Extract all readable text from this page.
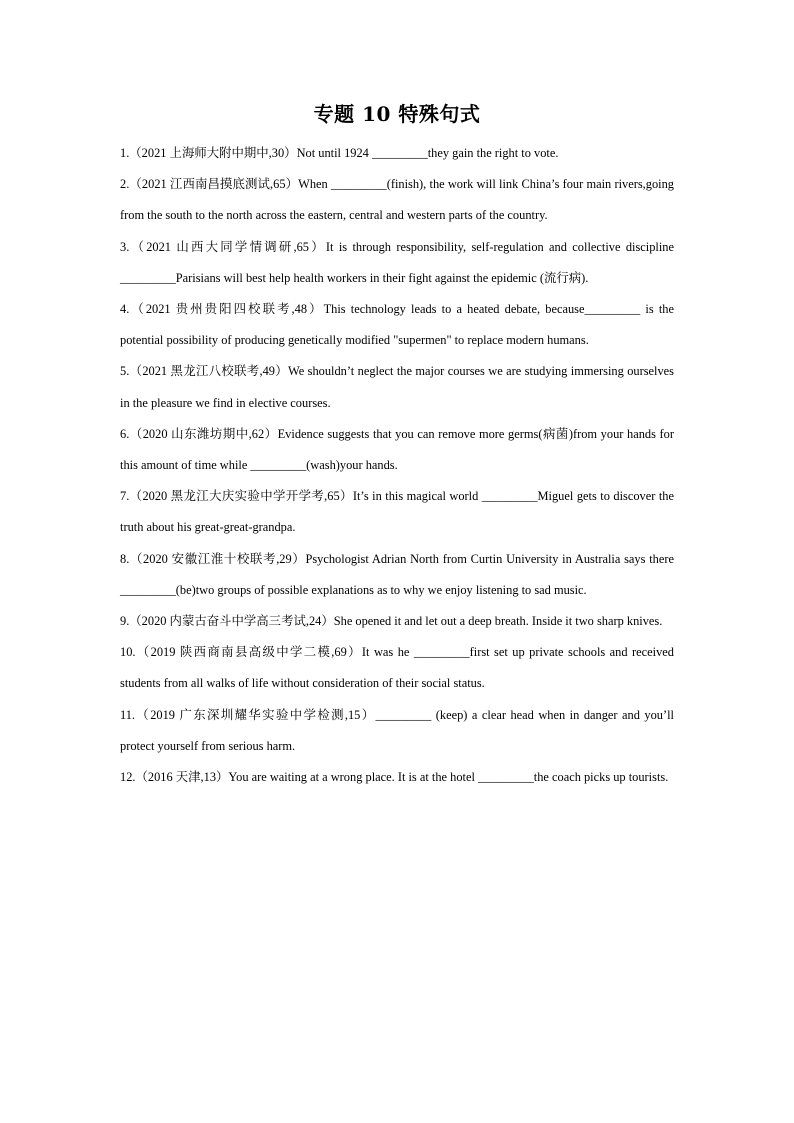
专题 10 特殊句式

1.（2021 上海师大附中期中,30）Not until 1924 _________they gain the right to vote.

2.（2021 江西南昌摸底测试,65）When _________(finish), the work will link China’s four main rivers,going from the south to the north across the eastern, central and western parts of the country.

3.（2021 山西大同学情调研,65）It is through responsibility, self-regulation and collective discipline _________Parisians will best help health workers in their fight against the epidemic (流行病).

4.（2021 贵州贵阳四校联考,48）This technology leads to a heated debate, because_________ is the potential possibility of producing genetically modified "supermen" to replace modern humans.

5.（2021 黑龙江八校联考,49）We shouldn’t neglect the major courses we are studying immersing ourselves in the pleasure we find in elective courses.

6.（2020 山东潍坊期中,62）Evidence suggests that you can remove more germs(病菌)from your hands for this amount of time while _________(wash)your hands.

7.（2020 黑龙江大庆实验中学开学考,65）It’s in this magical world _________Miguel gets to discover the truth about his great-great-grandpa.

8.（2020 安徽江淮十校联考,29）Psychologist Adrian North from Curtin University in Australia says there _________(be)two groups of possible explanations as to why we enjoy listening to sad music.

9.（2020 内蒙古奋斗中学高三考试,24）She opened it and let out a deep breath. Inside it two sharp knives.

10.（2019 陕西商南县高级中学二模,69）It was he _________first set up private schools and received students from all walks of life without consideration of their social status.

11.（2019 广东深圳耀华实验中学检测,15）_________ (keep) a clear head when in danger and you’ll protect yourself from serious harm.

12.（2016 天津,13）You are waiting at a wrong place. It is at the hotel _________the coach picks up tourists.
